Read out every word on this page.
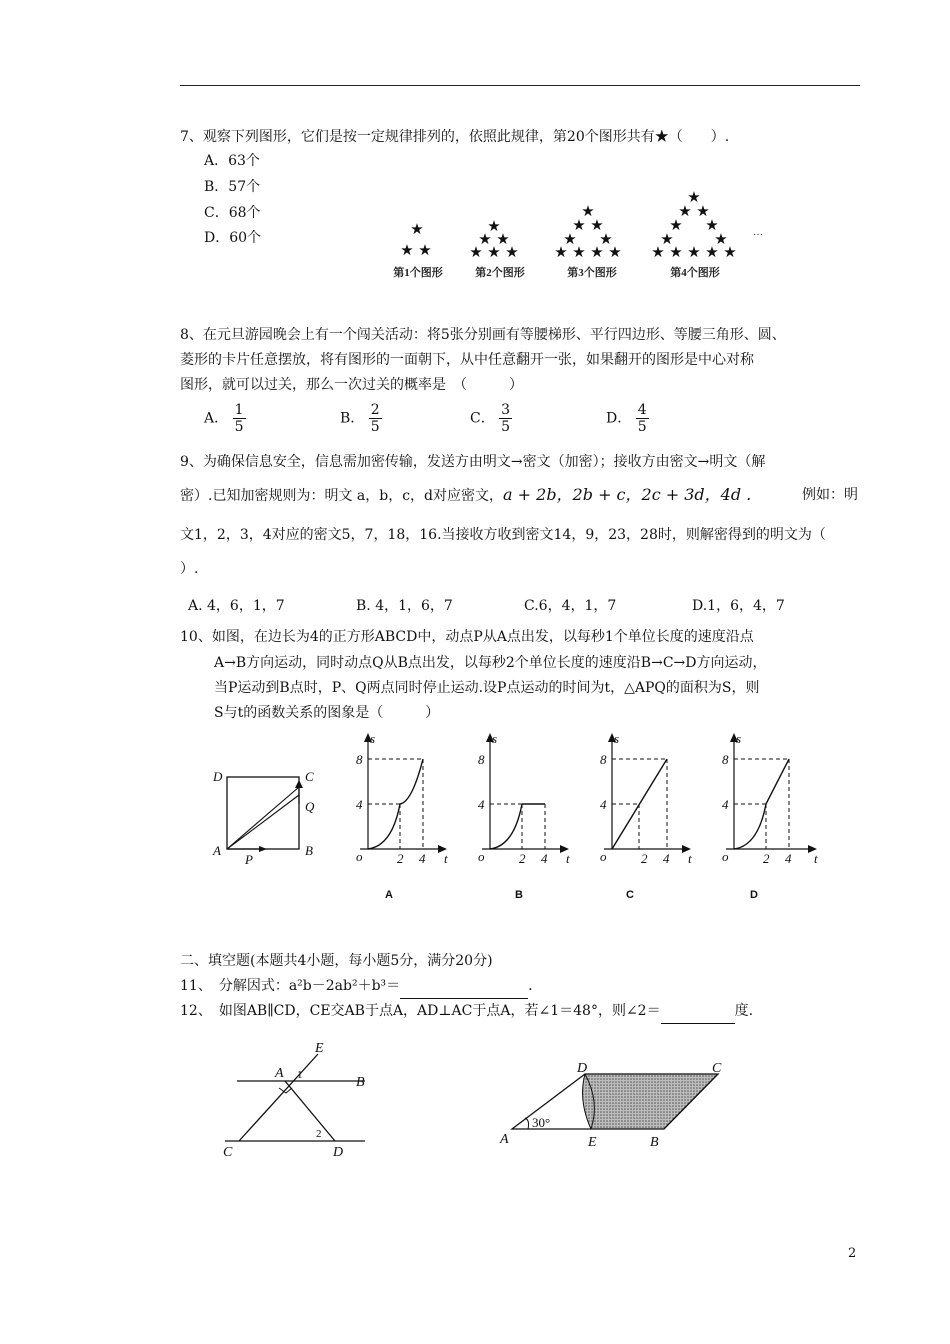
7、观察下列图形，它们是按一定规律排列的，依照此规律，第20个图形共有★（　　）.
A．63个
B．57个
C．68个
D．60个	★
★ ★
★
★ ★
★ ★ ★
★
★ ★
★ ★
★ ★ ★ ★
★
★ ★
★ ★
★	★
★ ★ ★ ★ ★
…
第1个图形	第2个图形	第3个图形	第4个图形
8、在元旦游园晚会上有一个闯关活动：将5张分别画有等腰梯形、平行四边形、等腰三角形、圆、
菱形的卡片任意摆放，将有图形的一面朝下，从中任意翻开一张，如果翻开的图形是中心对称
图形，就可以过关，那么一次过关的概率是　（　　　）
A． $\frac{1}{5}$	B． $\frac{2}{5}$	C． $\frac{3}{5}$	D． $\frac{4}{5}$
9、为确保信息安全，信息需加密传输，发送方由明文→密文（加密）；接收方由密文→明文（解
密）.已知加密规则为：明文 a，b，c，d对应密文，a + 2b，2b + c，2c + 3d，4d .	例如：明
文1，2，3，4对应的密文5，7，18，16.当接收方收到密文14，9，23，28时，则解密得到的明文为（
）.
A. 4，6，1，7	B. 4，1，6，7	C.6，4，1，7	D.1，6，4，7
10、如图，在边长为4的正方形ABCD中，动点P从A点出发，以每秒1个单位长度的速度沿点
A→B方向运动，同时动点Q从B点出发，以每秒2个单位长度的速度沿B→C→D方向运动，
当P运动到B点时，P、Q两点同时停止运动.设P点运动的时间为t，△APQ的面积为S，则
S与t的函数关系的图象是（　　　）
D	C
Q
A	B
P
s
8
4
o	2 4 t
A
s
8
4
o	2 4 t
B
s
8
4
o	2 4 t
C
s
8
4
o	2 4 t
D
二、填空题(本题共4小题，每小题5分，满分20分)
11、　分解因式：a²b－2ab²＋b³＝	.
12、　如图AB∥CD，CE交AB于点A，AD⊥AC于点A，若∠1＝48°，则∠2＝	度.
E
A
B
C	D
1
2
30°
D	C
A	E	B
2
